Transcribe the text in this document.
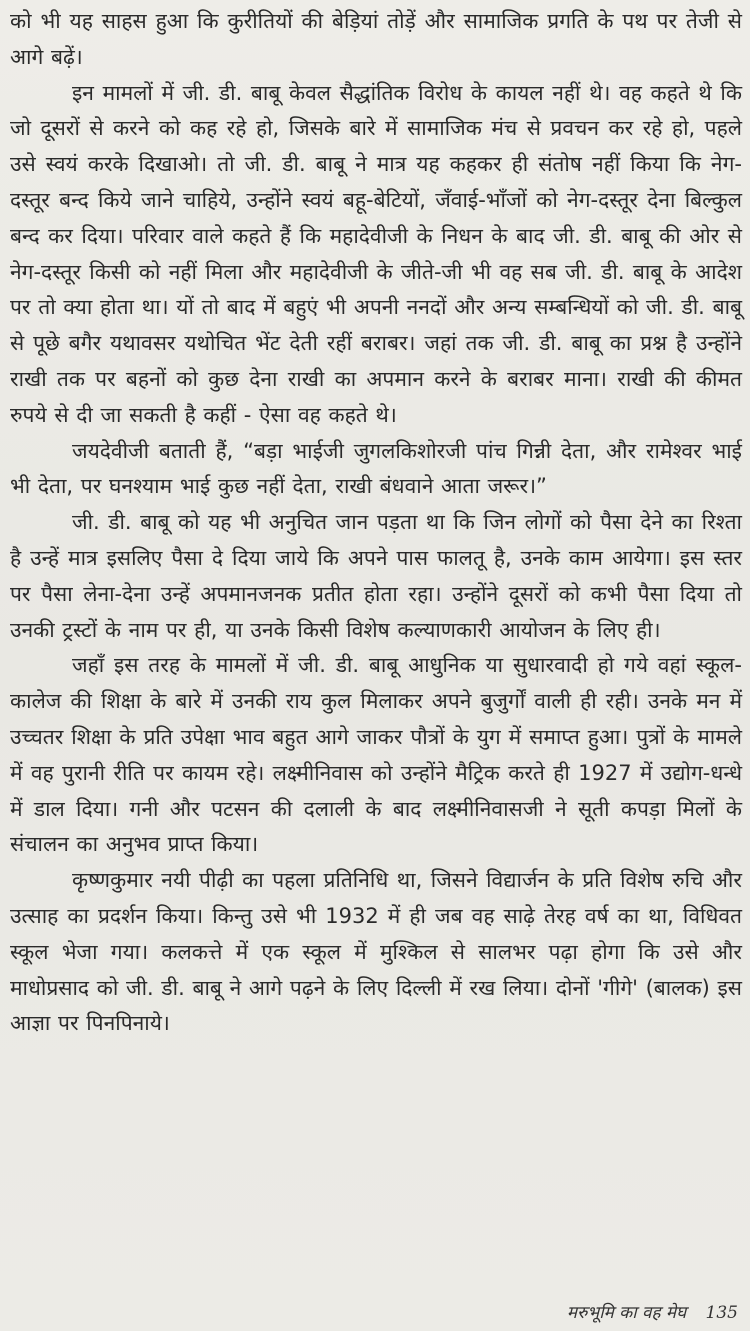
को भी यह साहस हुआ कि कुरीतियों की बेड़ियां तोड़ें और सामाजिक प्रगति के पथ पर तेजी से आगे बढ़ें।

इन मामलों में जी. डी. बाबू केवल सैद्धांतिक विरोध के कायल नहीं थे। वह कहते थे कि जो दूसरों से करने को कह रहे हो, जिसके बारे में सामाजिक मंच से प्रवचन कर रहे हो, पहले उसे स्वयं करके दिखाओ। तो जी. डी. बाबू ने मात्र यह कहकर ही संतोष नहीं किया कि नेग-दस्तूर बन्द किये जाने चाहिये, उन्होंने स्वयं बहू-बेटियों, जँवाई-भाँजों को नेग-दस्तूर देना बिल्कुल बन्द कर दिया। परिवार वाले कहते हैं कि महादेवीजी के निधन के बाद जी. डी. बाबू की ओर से नेग-दस्तूर किसी को नहीं मिला और महादेवीजी के जीते-जी भी वह सब जी. डी. बाबू के आदेश पर तो क्या होता था। यों तो बाद में बहुएं भी अपनी ननदों और अन्य सम्बन्धियों को जी. डी. बाबू से पूछे बगैर यथावसर यथोचित भेंट देती रहीं बराबर। जहां तक जी. डी. बाबू का प्रश्न है उन्होंने राखी तक पर बहनों को कुछ देना राखी का अपमान करने के बराबर माना। राखी की कीमत रुपये से दी जा सकती है कहीं - ऐसा वह कहते थे।

जयदेवीजी बताती हैं, “बड़ा भाईजी जुगलकिशोरजी पांच गिन्नी देता, और रामेश्वर भाई भी देता, पर घनश्याम भाई कुछ नहीं देता, राखी बंधवाने आता जरूर।”

जी. डी. बाबू को यह भी अनुचित जान पड़ता था कि जिन लोगों को पैसा देने का रिश्ता है उन्हें मात्र इसलिए पैसा दे दिया जाये कि अपने पास फालतू है, उनके काम आयेगा। इस स्तर पर पैसा लेना-देना उन्हें अपमानजनक प्रतीत होता रहा। उन्होंने दूसरों को कभी पैसा दिया तो उनकी ट्रस्टों के नाम पर ही, या उनके किसी विशेष कल्याणकारी आयोजन के लिए ही।

जहाँ इस तरह के मामलों में जी. डी. बाबू आधुनिक या सुधारवादी हो गये वहां स्कूल-कालेज की शिक्षा के बारे में उनकी राय कुल मिलाकर अपने बुजुर्गों वाली ही रही। उनके मन में उच्चतर शिक्षा के प्रति उपेक्षा भाव बहुत आगे जाकर पौत्रों के युग में समाप्त हुआ। पुत्रों के मामले में वह पुरानी रीति पर कायम रहे। लक्ष्मीनिवास को उन्होंने मैट्रिक करते ही 1927 में उद्योग-धन्धे में डाल दिया। गनी और पटसन की दलाली के बाद लक्ष्मीनिवासजी ने सूती कपड़ा मिलों के संचालन का अनुभव प्राप्त किया।

कृष्णकुमार नयी पीढ़ी का पहला प्रतिनिधि था, जिसने विद्यार्जन के प्रति विशेष रुचि और उत्साह का प्रदर्शन किया। किन्तु उसे भी 1932 में ही जब वह साढ़े तेरह वर्ष का था, विधिवत स्कूल भेजा गया। कलकत्ते में एक स्कूल में मुश्किल से सालभर पढ़ा होगा कि उसे और माधोप्रसाद को जी. डी. बाबू ने आगे पढ़ने के लिए दिल्ली में रख लिया। दोनों 'गीगे' (बालक) इस आज्ञा पर पिनपिनाये।

मरुभूमि का वह मेघ 135
